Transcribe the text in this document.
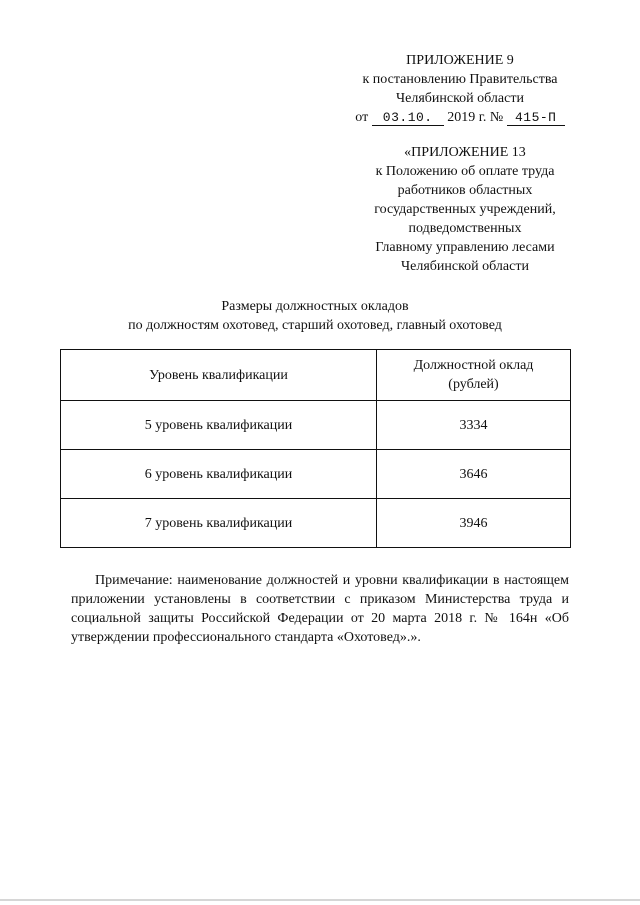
ПРИЛОЖЕНИЕ 9
к постановлению Правительства
Челябинской области
от 03.10. 2019 г. № 415-П
«ПРИЛОЖЕНИЕ 13
к Положению об оплате труда
работников областных
государственных учреждений,
подведомственных
Главному управлению лесами
Челябинской области
Размеры должностных окладов
по должностям охотовед, старший охотовед, главный охотовед
Уровень квалификации	Должностной оклад
(рублей)

5 уровень квалификации	3334
6 уровень квалификации	3646
7 уровень квалификации	3946
Примечание: наименование должностей и уровни квалификации в настоящем приложении установлены в соответствии с приказом Министерства труда и социальной защиты Российской Федерации от 20 марта 2018 г. № 164н «Об утверждении профессионального стандарта «Охотовед».».
